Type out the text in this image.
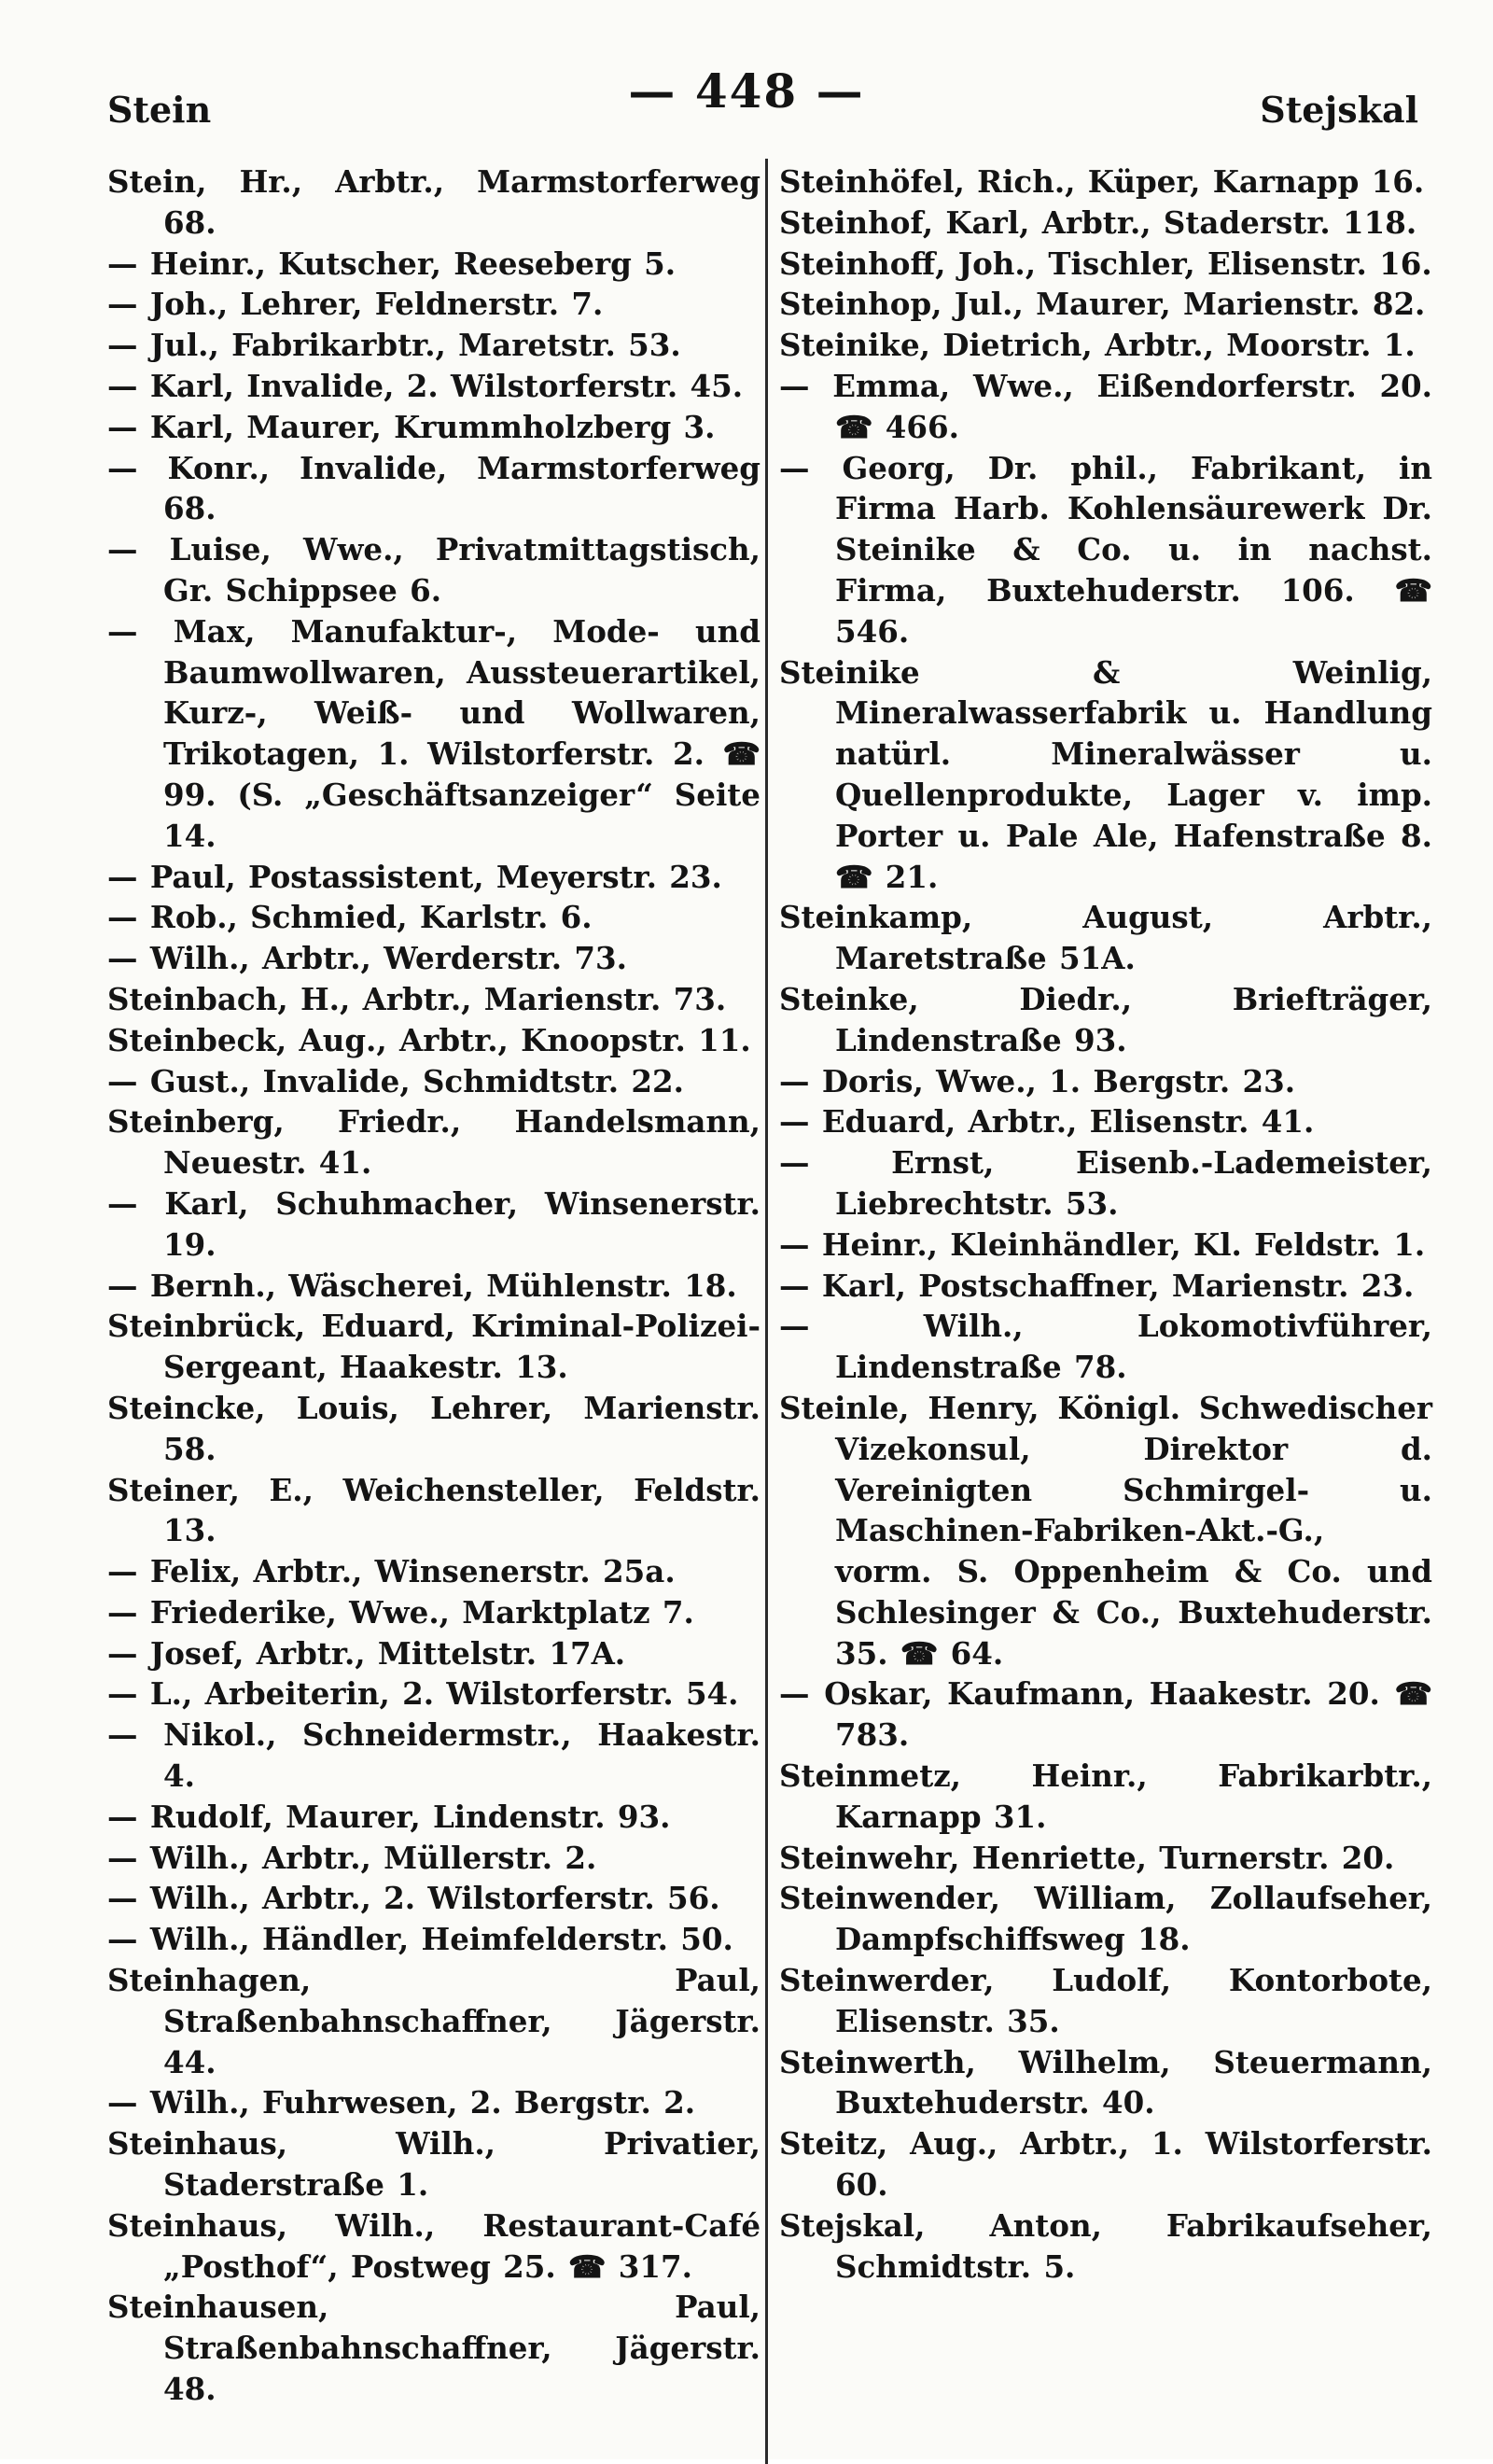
Stein	— 448 —	Stejskal
Stein, Hr., Arbtr., Marmstorferweg 68.
— Heinr., Kutscher, Reeseberg 5.
— Joh., Lehrer, Feldnerstr. 7.
— Jul., Fabrikarbtr., Maretstr. 53.
— Karl, Invalide, 2. Wilstorferstr. 45.
— Karl, Maurer, Krummholzberg 3.
— Konr., Invalide, Marmstorferweg 68.
— Luise, Wwe., Privatmittagstisch, Gr. Schippsee 6.
— Max, Manufaktur-, Mode- und Baumwollwaren, Aussteuerartikel, Kurz-, Weiß- und Wollwaren, Trikotagen, 1. Wilstorferstr. 2. ☎ 99. (S. „Geschäftsanzeiger“ Seite 14.
— Paul, Postassistent, Meyerstr. 23.
— Rob., Schmied, Karlstr. 6.
— Wilh., Arbtr., Werderstr. 73.
Steinbach, H., Arbtr., Marienstr. 73.
Steinbeck, Aug., Arbtr., Knoopstr. 11.
— Gust., Invalide, Schmidtstr. 22.
Steinberg, Friedr., Handelsmann, Neuestr. 41.
— Karl, Schuhmacher, Winsenerstr. 19.
— Bernh., Wäscherei, Mühlenstr. 18.
Steinbrück, Eduard, Kriminal-Polizei-Sergeant, Haakestr. 13.
Steincke, Louis, Lehrer, Marienstr. 58.
Steiner, E., Weichensteller, Feldstr. 13.
— Felix, Arbtr., Winsenerstr. 25a.
— Friederike, Wwe., Marktplatz 7.
— Josef, Arbtr., Mittelstr. 17A.
— L., Arbeiterin, 2. Wilstorferstr. 54.
— Nikol., Schneidermstr., Haakestr. 4.
— Rudolf, Maurer, Lindenstr. 93.
— Wilh., Arbtr., Müllerstr. 2.
— Wilh., Arbtr., 2. Wilstorferstr. 56.
— Wilh., Händler, Heimfelderstr. 50.
Steinhagen, Paul, Straßenbahnschaffner, Jägerstr. 44.
— Wilh., Fuhrwesen, 2. Bergstr. 2.
Steinhaus, Wilh., Privatier, Staderstraße 1.
Steinhaus, Wilh., Restaurant-Café „Posthof“, Postweg 25. ☎ 317.
Steinhausen, Paul, Straßenbahnschaffner, Jägerstr. 48.
Steinhöfel, Rich., Küper, Karnapp 16.
Steinhof, Karl, Arbtr., Staderstr. 118.
Steinhoff, Joh., Tischler, Elisenstr. 16.
Steinhop, Jul., Maurer, Marienstr. 82.
Steinike, Dietrich, Arbtr., Moorstr. 1.
— Emma, Wwe., Eißendorferstr. 20. ☎ 466.
— Georg, Dr. phil., Fabrikant, in Firma Harb. Kohlensäurewerk Dr. Steinike & Co. u. in nachst. Firma, Buxtehuderstr. 106. ☎ 546.
Steinike & Weinlig, Mineralwasserfabrik u. Handlung natürl. Mineralwässer u. Quellenprodukte, Lager v. imp. Porter u. Pale Ale, Hafenstraße 8. ☎ 21.
Steinkamp, August, Arbtr., Maretstraße 51A.
Steinke, Diedr., Briefträger, Lindenstraße 93.
— Doris, Wwe., 1. Bergstr. 23.
— Eduard, Arbtr., Elisenstr. 41.
— Ernst, Eisenb.-Lademeister, Liebrechtstr. 53.
— Heinr., Kleinhändler, Kl. Feldstr. 1.
— Karl, Postschaffner, Marienstr. 23.
— Wilh., Lokomotivführer, Lindenstraße 78.
Steinle, Henry, Königl. Schwedischer Vizekonsul, Direktor d. Vereinigten Schmirgel- u. Maschinen-Fabriken-Akt.-G., vorm. S. Oppenheim & Co. und Schlesinger & Co., Buxtehuderstr. 35. ☎ 64.
— Oskar, Kaufmann, Haakestr. 20. ☎ 783.
Steinmetz, Heinr., Fabrikarbtr., Karnapp 31.
Steinwehr, Henriette, Turnerstr. 20.
Steinwender, William, Zollaufseher, Dampfschiffsweg 18.
Steinwerder, Ludolf, Kontorbote, Elisenstr. 35.
Steinwerth, Wilhelm, Steuermann, Buxtehuderstr. 40.
Steitz, Aug., Arbtr., 1. Wilstorferstr. 60.
Stejskal, Anton, Fabrikaufseher, Schmidtstr. 5.
